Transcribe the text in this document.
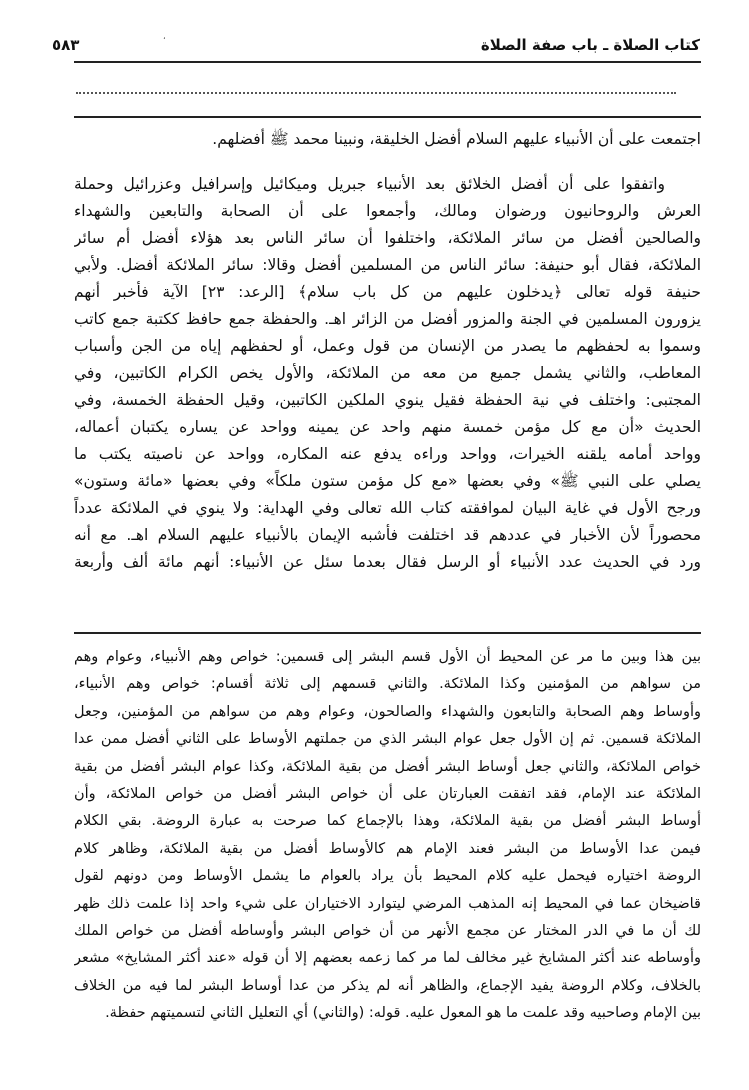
،	كتاب الصلاة ـ باب صفة الصلاة
٥٨٣
اجتمعت على أن الأنبياء عليهم السلام أفضل الخليقة، ونبينا محمد ﷺ أفضلهم.
واتفقوا على أن أفضل الخلائق بعد الأنبياء جبريل وميكائيل وإسرافيل وعزرائيل وحملة
العرش والروحانيون ورضوان ومالك، وأجمعوا على أن الصحابة والتابعين والشهداء
والصالحين أفضل من سائر الملائكة، واختلفوا أن سائر الناس بعد هؤلاء أفضل أم سائر
الملائكة، فقال أبو حنيفة: سائر الناس من المسلمين أفضل وقالا: سائر الملائكة أفضل. ولأبي
حنيفة قوله تعالى ﴿يدخلون عليهم من كل باب سلام﴾ [الرعد: ٢٣] الآية فأخبر أنهم
يزورون المسلمين في الجنة والمزور أفضل من الزائر اهـ. والحفظة جمع حافظ ككتبة جمع كاتب
وسموا به لحفظهم ما يصدر من الإنسان من قول وعمل، أو لحفظهم إياه من الجن وأسباب
المعاطب، والثاني يشمل جميع من معه من الملائكة، والأول يخص الكرام الكاتبين، وفي
المجتبى: واختلف في نية الحفظة فقيل ينوي الملكين الكاتبين، وقيل الحفظة الخمسة، وفي
الحديث «أن مع كل مؤمن خمسة منهم واحد عن يمينه وواحد عن يساره يكتبان أعماله،
وواحد أمامه يلقنه الخيرات، وواحد وراءه يدفع عنه المكاره، وواحد عن ناصيته يكتب ما
يصلي على النبي ﷺ» وفي بعضها «مع كل مؤمن ستون ملكاً» وفي بعضها «مائة وستون»
ورجح الأول في غاية البيان لموافقته كتاب الله تعالى وفي الهداية: ولا ينوي في الملائكة عدداً
محصوراً لأن الأخبار في عددهم قد اختلفت فأشبه الإيمان بالأنبياء عليهم السلام اهـ. مع أنه
ورد في الحديث عدد الأنبياء أو الرسل فقال بعدما سئل عن الأنبياء: أنهم مائة ألف وأربعة
بين هذا وبين ما مر عن المحيط أن الأول قسم البشر إلى قسمين: خواص وهم الأنبياء، وعوام وهم
من سواهم من المؤمنين وكذا الملائكة. والثاني قسمهم إلى ثلاثة أقسام: خواص وهم الأنبياء،
وأوساط وهم الصحابة والتابعون والشهداء والصالحون، وعوام وهم من سواهم من المؤمنين، وجعل
الملائكة قسمين. ثم إن الأول جعل عوام البشر الذي من جملتهم الأوساط على الثاني أفضل ممن عدا
خواص الملائكة، والثاني جعل أوساط البشر أفضل من بقية الملائكة، وكذا عوام البشر أفضل من بقية
الملائكة عند الإمام، فقد اتفقت العبارتان على أن خواص البشر أفضل من خواص الملائكة، وأن
أوساط البشر أفضل من بقية الملائكة، وهذا بالإجماع كما صرحت به عبارة الروضة. بقي الكلام
فيمن عدا الأوساط من البشر فعند الإمام هم كالأوساط أفضل من بقية الملائكة، وظاهر كلام
الروضة اختياره فيحمل عليه كلام المحيط بأن يراد بالعوام ما يشمل الأوساط ومن دونهم لقول
قاضيخان عما في المحيط إنه المذهب المرضي ليتوارد الاختياران على شيء واحد إذا علمت ذلك ظهر
لك أن ما في الدر المختار عن مجمع الأنهر من أن خواص البشر وأوساطه أفضل من خواص الملك
وأوساطه عند أكثر المشايخ غير مخالف لما مر كما زعمه بعضهم إلا أن قوله «عند أكثر المشايخ» مشعر
بالخلاف، وكلام الروضة يفيد الإجماع، والظاهر أنه لم يذكر من عدا أوساط البشر لما فيه من الخلاف
بين الإمام وصاحبيه وقد علمت ما هو المعول عليه. قوله: (والثاني) أي التعليل الثاني لتسميتهم حفظة.
